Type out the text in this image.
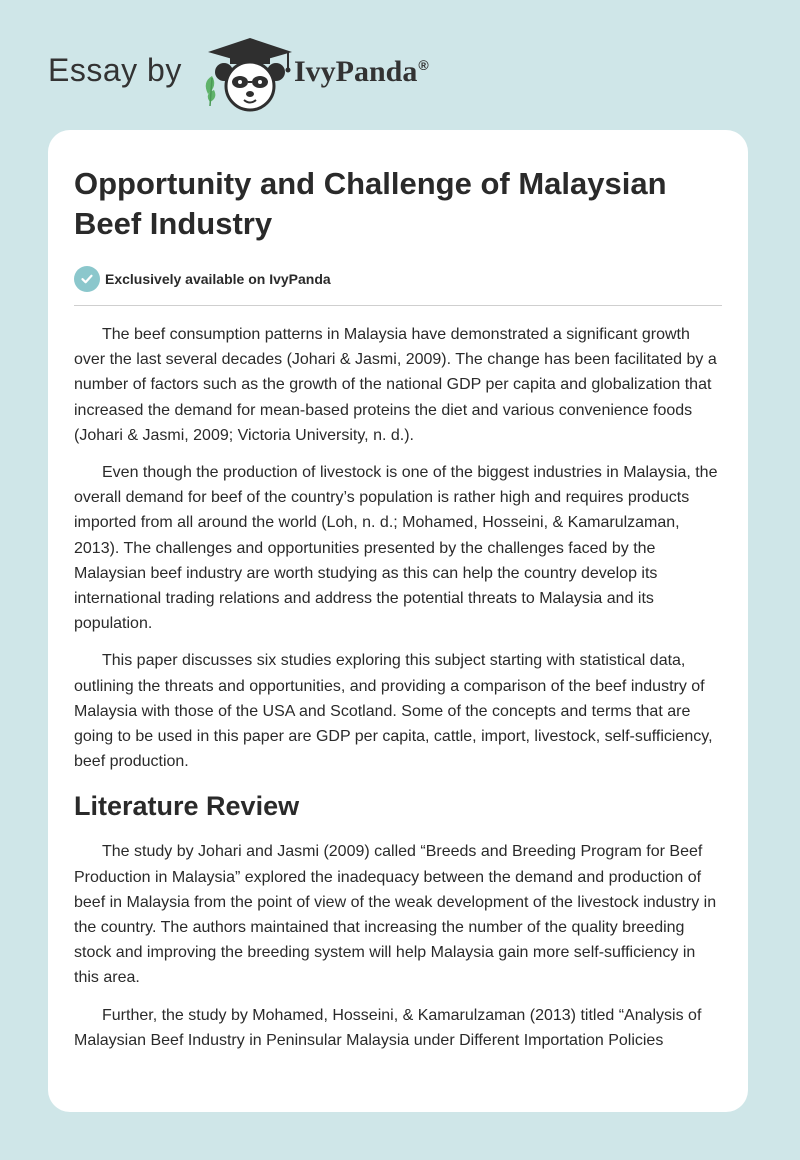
Essay by	IvyPanda®
Opportunity and Challenge of Malaysian Beef Industry
Exclusively available on IvyPanda

The beef consumption patterns in Malaysia have demonstrated a significant growth over the last several decades (Johari & Jasmi, 2009). The change has been facilitated by a number of factors such as the growth of the national GDP per capita and globalization that increased the demand for mean-based proteins the diet and various convenience foods (Johari & Jasmi, 2009; Victoria University, n. d.).

Even though the production of livestock is one of the biggest industries in Malaysia, the overall demand for beef of the country’s population is rather high and requires products imported from all around the world (Loh, n. d.; Mohamed, Hosseini, & Kamarulzaman, 2013). The challenges and opportunities presented by the challenges faced by the Malaysian beef industry are worth studying as this can help the country develop its international trading relations and address the potential threats to Malaysia and its population.

This paper discusses six studies exploring this subject starting with statistical data, outlining the threats and opportunities, and providing a comparison of the beef industry of Malaysia with those of the USA and Scotland. Some of the concepts and terms that are going to be used in this paper are GDP per capita, cattle, import, livestock, self-sufficiency, beef production.

Literature Review

The study by Johari and Jasmi (2009) called “Breeds and Breeding Program for Beef Production in Malaysia” explored the inadequacy between the demand and production of beef in Malaysia from the point of view of the weak development of the livestock industry in the country. The authors maintained that increasing the number of the quality breeding stock and improving the breeding system will help Malaysia gain more self-sufficiency in this area.

Further, the study by Mohamed, Hosseini, & Kamarulzaman (2013) titled “Analysis of Malaysian Beef Industry in Peninsular Malaysia under Different Importation Policies
